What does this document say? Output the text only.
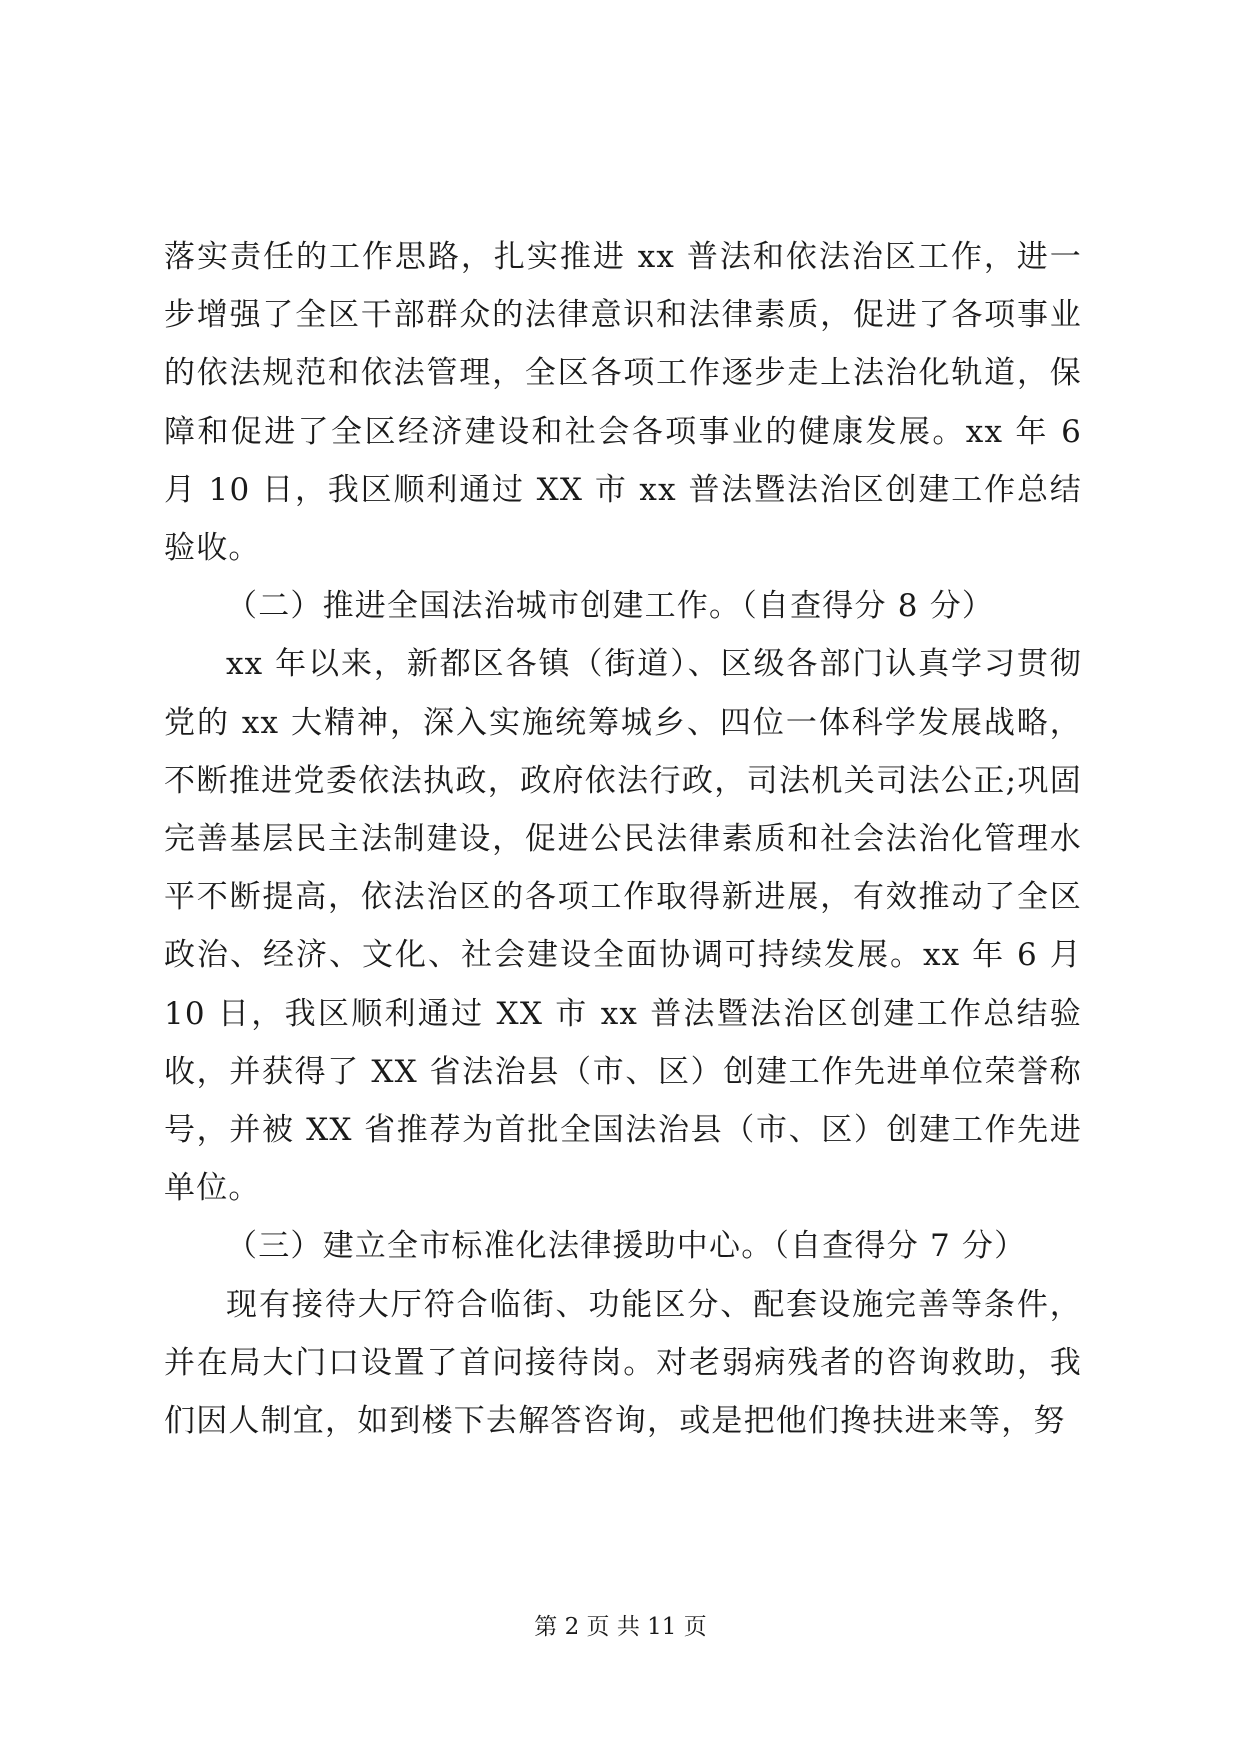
落实责任的工作思路，扎实推进 xx 普法和依法治区工作，进一步增强了全区干部群众的法律意识和法律素质，促进了各项事业的依法规范和依法管理，全区各项工作逐步走上法治化轨道，保障和促进了全区经济建设和社会各项事业的健康发展。xx 年 6 月 10 日，我区顺利通过 XX 市 xx 普法暨法治区创建工作总结验收。

（二）推进全国法治城市创建工作。（自查得分 8 分）

xx 年以来，新都区各镇（街道）、区级各部门认真学习贯彻党的 xx 大精神，深入实施统筹城乡、四位一体科学发展战略，不断推进党委依法执政，政府依法行政，司法机关司法公正;巩固完善基层民主法制建设，促进公民法律素质和社会法治化管理水平不断提高，依法治区的各项工作取得新进展，有效推动了全区政治、经济、文化、社会建设全面协调可持续发展。xx 年 6 月 10 日，我区顺利通过 XX 市 xx 普法暨法治区创建工作总结验收，并获得了 XX 省法治县（市、区）创建工作先进单位荣誉称号，并被 XX 省推荐为首批全国法治县（市、区）创建工作先进单位。

（三）建立全市标准化法律援助中心。（自查得分 7 分）

现有接待大厅符合临街、功能区分、配套设施完善等条件，并在局大门口设置了首问接待岗。对老弱病残者的咨询救助，我们因人制宜，如到楼下去解答咨询，或是把他们搀扶进来等，努

第 2 页 共 11 页
